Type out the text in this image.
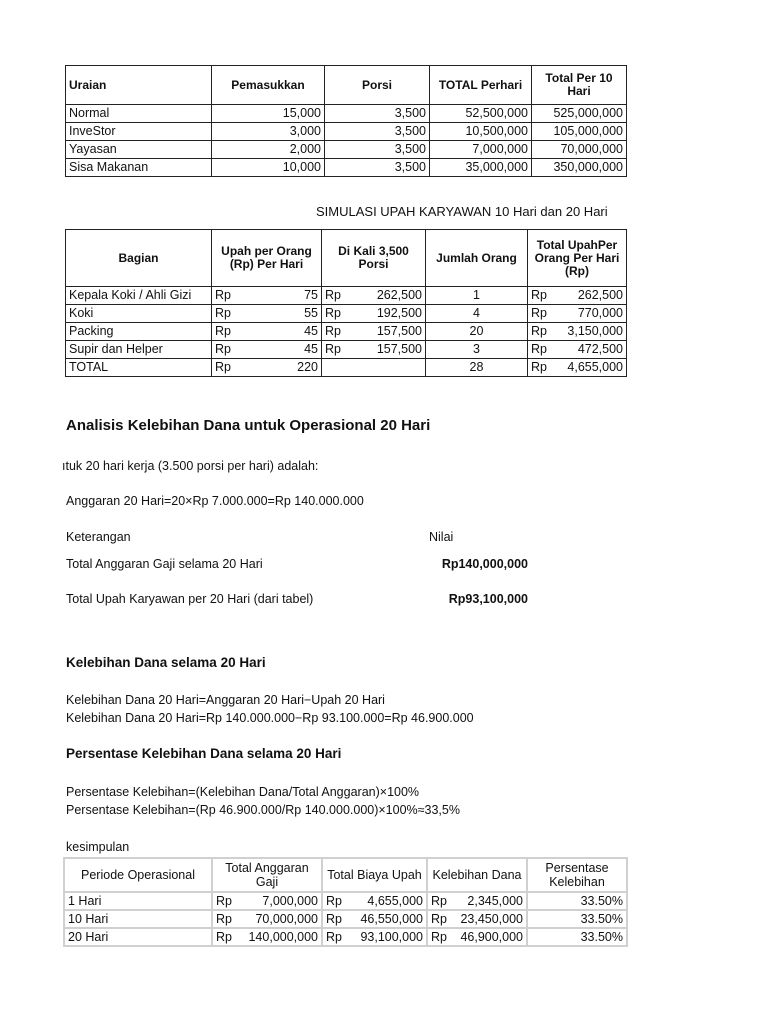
Uraian	Pemasukkan	Porsi	TOTAL Perhari	Total Per 10 Hari
Normal	15,000	3,500	52,500,000	525,000,000
InveStor	3,000	3,500	10,500,000	105,000,000
Yayasan	2,000	3,500	7,000,000	70,000,000
Sisa Makanan	10,000	3,500	35,000,000	350,000,000
SIMULASI UPAH KARYAWAN 10 Hari dan 20 Hari
Bagian	Upah per Orang (Rp) Per Hari	Di Kali 3,500 Porsi	Jumlah Orang	Total UpahPer Orang Per Hari (Rp)
Kepala Koki / Ahli Gizi	Rp 75	Rp 262,500	1	Rp 262,500

Koki	Rp 55	Rp 192,500	4	Rp 770,000

Packing	Rp 45	Rp 157,500	20	Rp 3,150,000

Supir dan Helper	Rp 45	Rp 157,500	3	Rp 472,500

TOTAL	Rp 220		28	Rp 4,655,000
Analisis Kelebihan Dana untuk Operasional 20 Hari
ıtuk 20 hari kerja (3.500 porsi per hari) adalah:
Anggaran 20 Hari=20×Rp 7.000.000=Rp 140.000.000
Keterangan	Nilai
Total Anggaran Gaji selama 20 Hari	Rp140,000,000
Total Upah Karyawan per 20 Hari (dari tabel)	Rp93,100,000
Kelebihan Dana selama 20 Hari
Kelebihan Dana 20 Hari=Anggaran 20 Hari−Upah 20 Hari
Kelebihan Dana 20 Hari=Rp 140.000.000−Rp 93.100.000=Rp 46.900.000
Persentase Kelebihan Dana selama 20 Hari
Persentase Kelebihan=(Kelebihan Dana/Total Anggaran)×100%
Persentase Kelebihan=(Rp 46.900.000/Rp 140.000.000)×100%≈33,5%
kesimpulan
Periode Operasional	Total Anggaran Gaji	Total Biaya Upah	Kelebihan Dana	Persentase Kelebihan
1 Hari	Rp 7,000,000	Rp 4,655,000	Rp 2,345,000	33.50%
10 Hari	Rp 70,000,000	Rp 46,550,000	Rp 23,450,000	33.50%
20 Hari	Rp 140,000,000	Rp 93,100,000	Rp 46,900,000	33.50%
